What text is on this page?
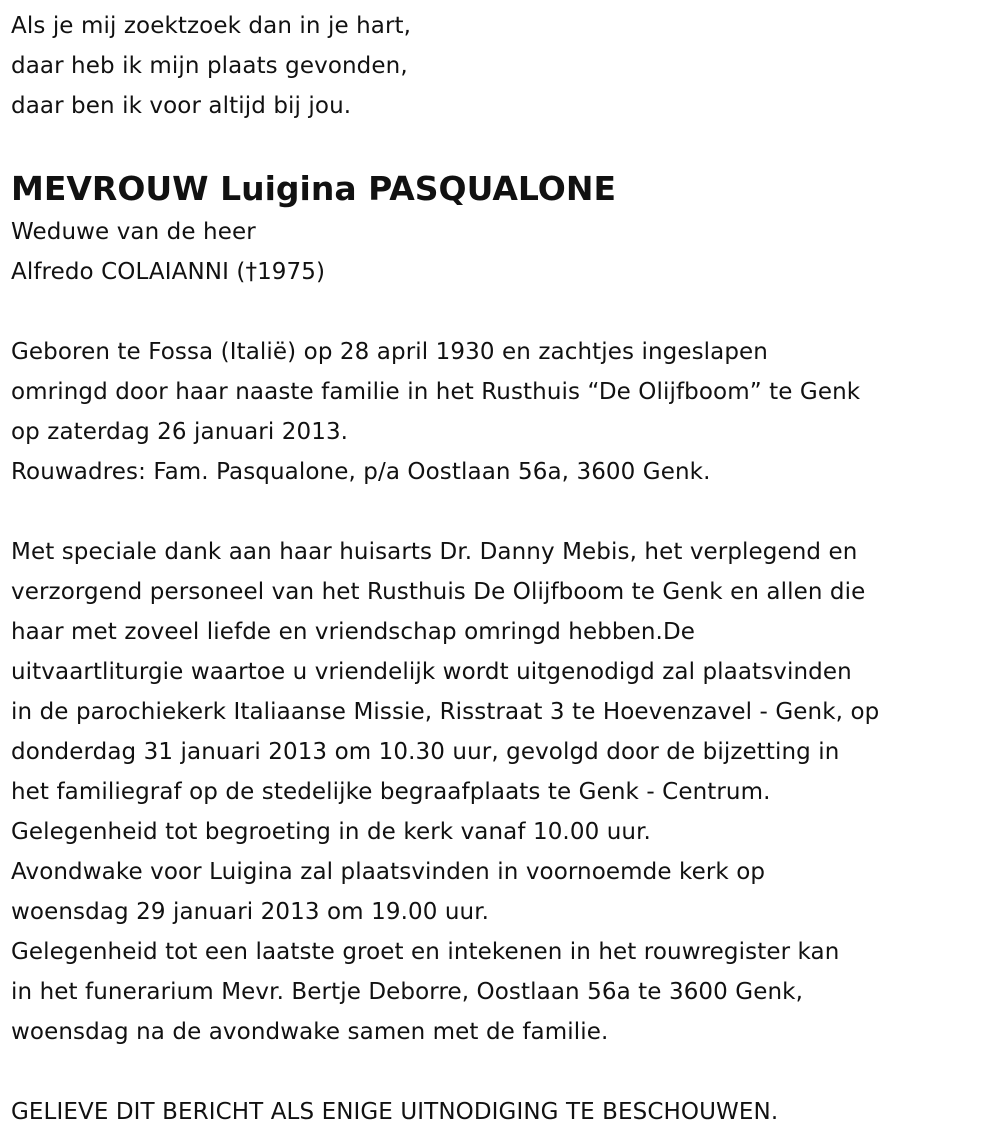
Als je mij zoektzoek dan in je hart,
daar heb ik mijn plaats gevonden,
daar ben ik voor altijd bij jou.
MEVROUW Luigina PASQUALONE
Weduwe van de heer
Alfredo COLAIANNI (†1975)
Geboren te Fossa (Italië) op 28 april 1930 en zachtjes ingeslapen
omringd door haar naaste familie in het Rusthuis “De Olijfboom” te Genk
op zaterdag 26 januari 2013.
Rouwadres: Fam. Pasqualone, p/a Oostlaan 56a, 3600 Genk.
Met speciale dank aan haar huisarts Dr. Danny Mebis, het verplegend en
verzorgend personeel van het Rusthuis De Olijfboom te Genk en allen die
haar met zoveel liefde en vriendschap omringd hebben.De
uitvaartliturgie waartoe u vriendelijk wordt uitgenodigd zal plaatsvinden
in de parochiekerk Italiaanse Missie, Risstraat 3 te Hoevenzavel - Genk, op
donderdag 31 januari 2013 om 10.30 uur, gevolgd door de bijzetting in
het familiegraf op de stedelijke begraafplaats te Genk - Centrum.
Gelegenheid tot begroeting in de kerk vanaf 10.00 uur.
Avondwake voor Luigina zal plaatsvinden in voornoemde kerk op
woensdag 29 januari 2013 om 19.00 uur.
Gelegenheid tot een laatste groet en intekenen in het rouwregister kan
in het funerarium Mevr. Bertje Deborre, Oostlaan 56a te 3600 Genk,
woensdag na de avondwake samen met de familie.
GELIEVE DIT BERICHT ALS ENIGE UITNODIGING TE BESCHOUWEN.
